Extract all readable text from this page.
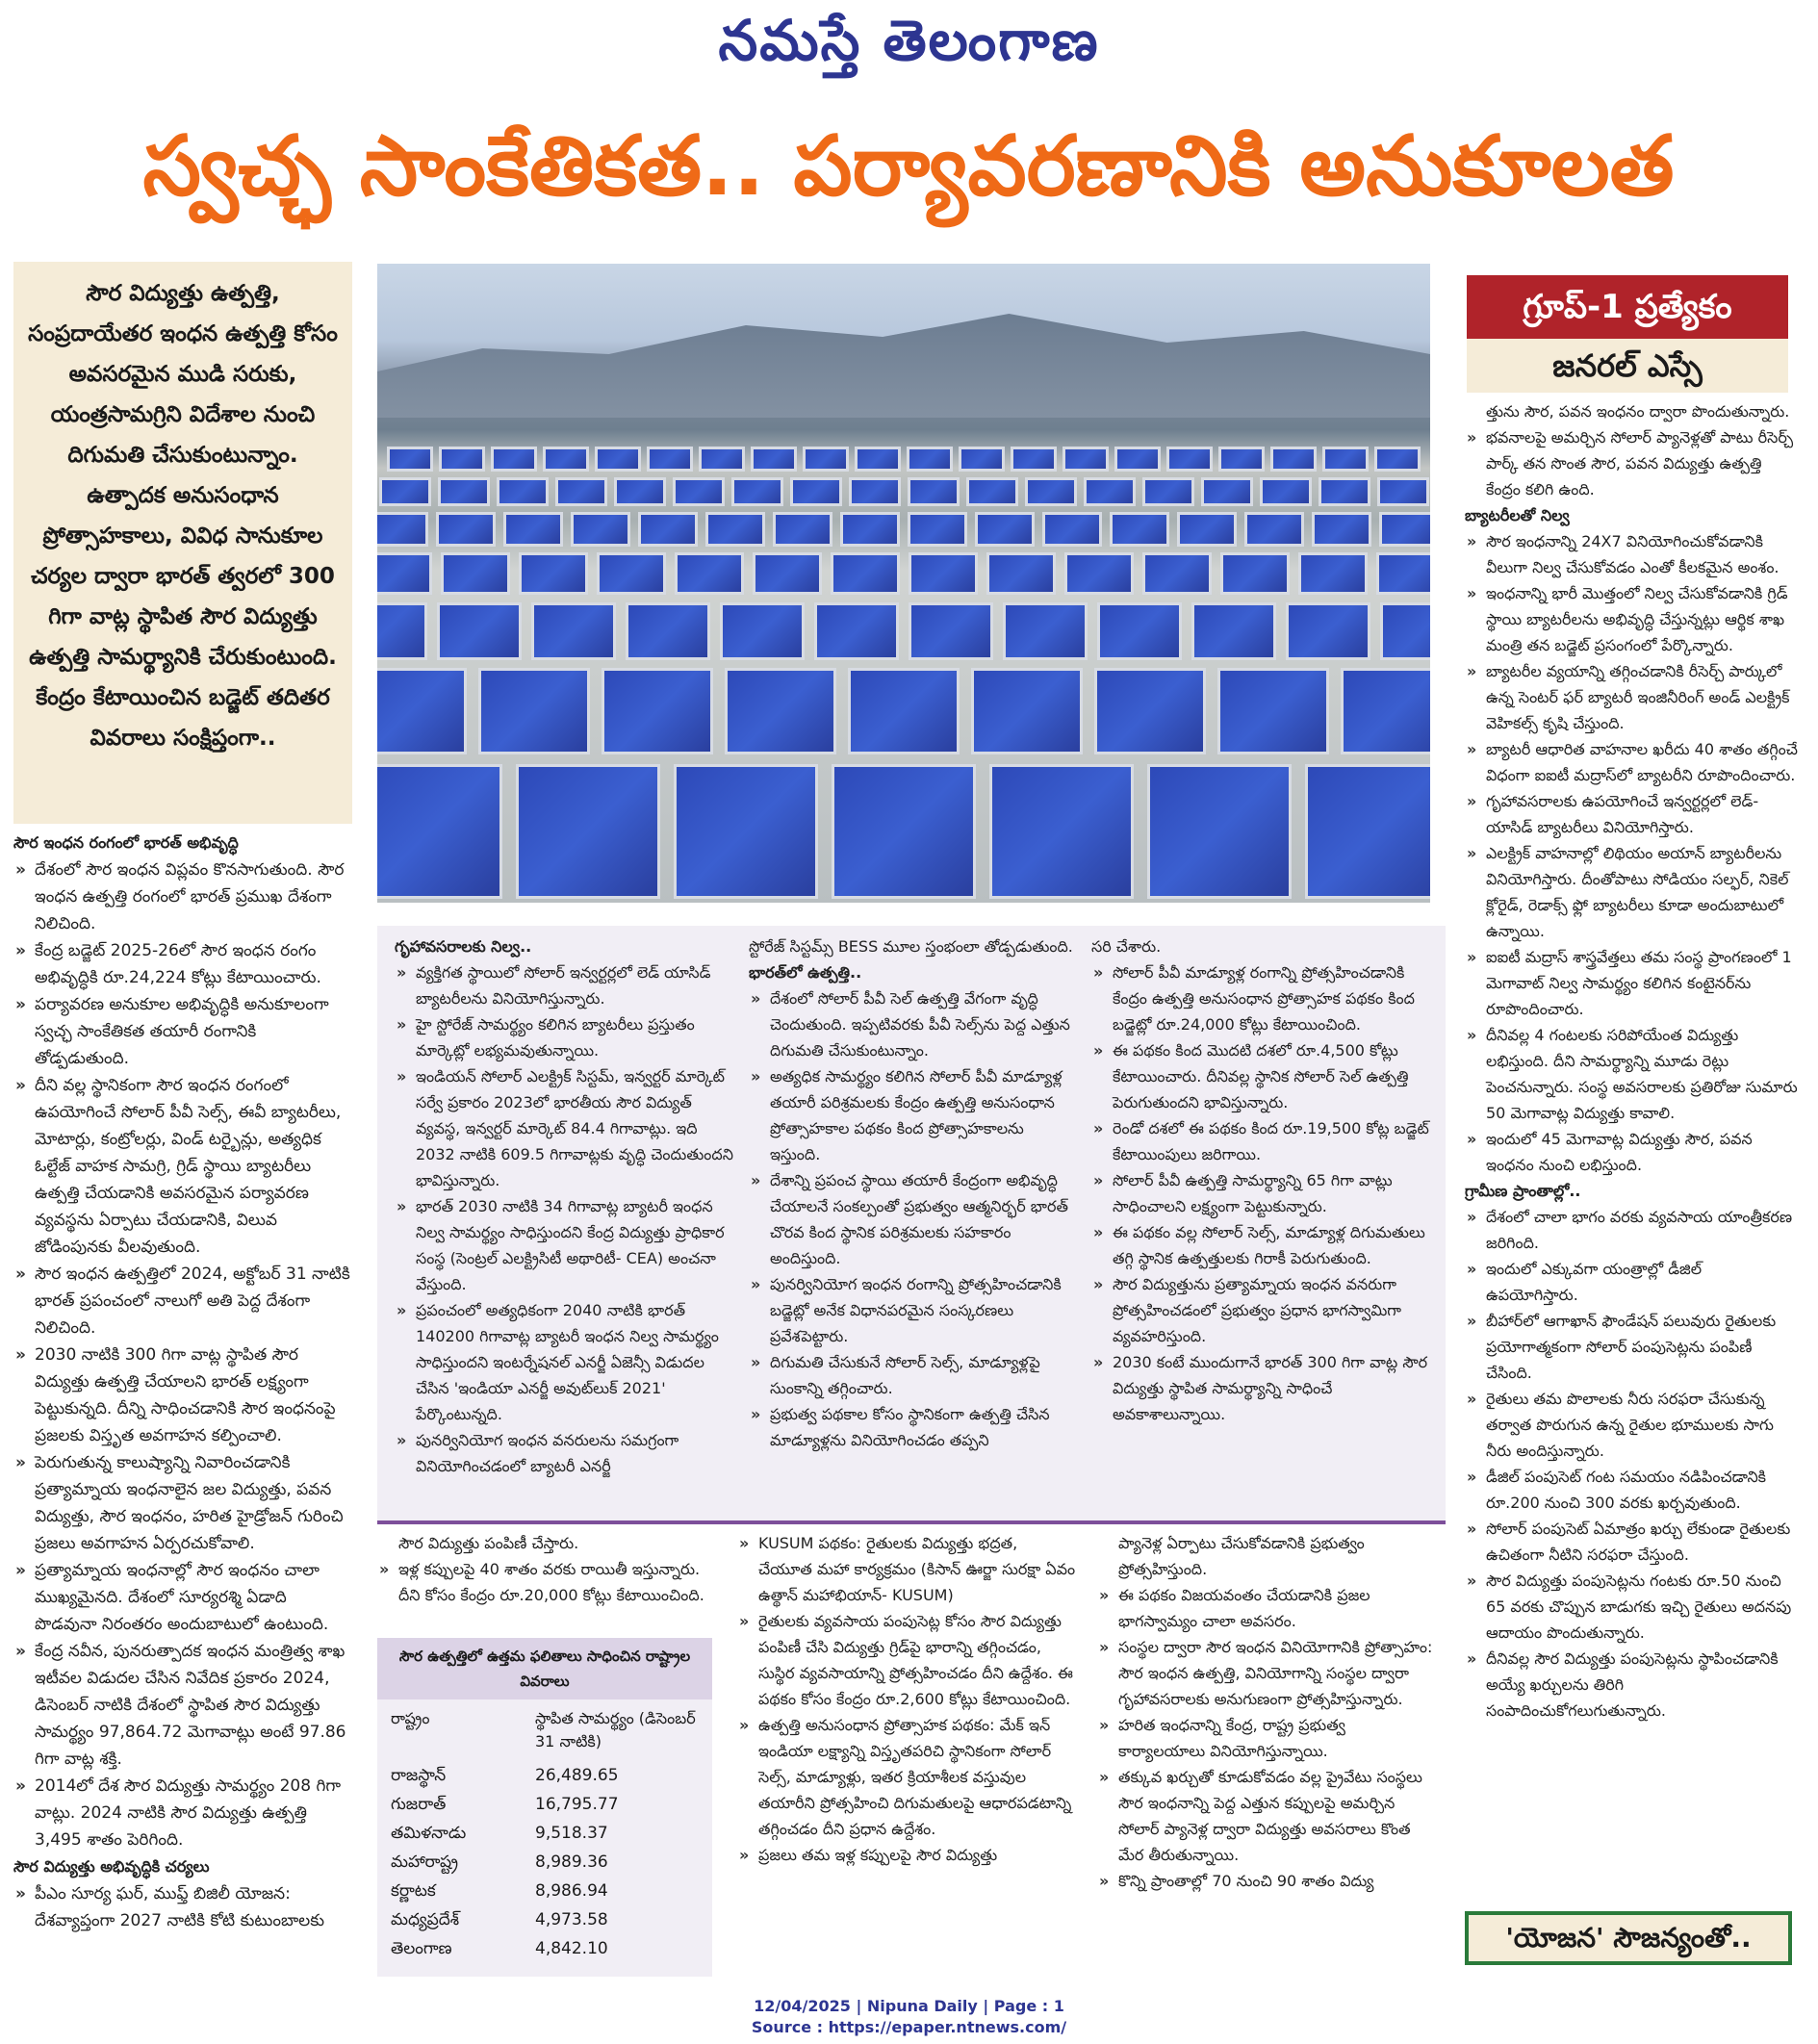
నమస్తే తెలంగాణ
స్వచ్ఛ సాంకేతికత.. పర్యావరణానికి అనుకూలత
సౌర విద్యుత్తు ఉత్పత్తి, సంప్రదాయేతర ఇంధన ఉత్పత్తి కోసం అవసరమైన ముడి సరుకు, యంత్రసామగ్రిని విదేశాల నుంచి దిగుమతి చేసుకుంటున్నాం. ఉత్పాదక అనుసంధాన ప్రోత్సాహకాలు, వివిధ సానుకూల చర్యల ద్వారా భారత్ త్వరలో 300 గిగా వాట్ల స్థాపిత సౌర విద్యుత్తు ఉత్పత్తి సామర్థ్యానికి చేరుకుంటుంది. కేంద్రం కేటాయించిన బడ్జెట్ తదితర వివరాలు సంక్షిప్తంగా..
గ్రూప్-1 ప్రత్యేకం
జనరల్ ఎస్సే

సౌర ఇంధన రంగంలో భారత్ అభివృద్ధి

» దేశంలో సౌర ఇంధన విప్లవం కొనసాగుతుంది. సౌర ఇంధన ఉత్పత్తి రంగంలో భారత్ ప్రముఖ దేశంగా నిలిచింది.

» కేంద్ర బడ్జెట్ 2025-26లో సౌర ఇంధన రంగం అభివృద్ధికి రూ.24,224 కోట్లు కేటాయించారు.

» పర్యావరణ అనుకూల అభివృద్ధికి అనుకూలంగా స్వచ్ఛ సాంకేతికత తయారీ రంగానికి తోడ్పడుతుంది.

» దీని వల్ల స్థానికంగా సౌర ఇంధన రంగంలో ఉపయోగించే సోలార్ పీవీ సెల్స్, ఈవీ బ్యాటరీలు, మోటార్లు, కంట్రోలర్లు, విండ్ టర్బైన్లు, అత్యధిక ఓల్టేజ్ వాహక సామగ్రి, గ్రిడ్ స్థాయి బ్యాటరీలు ఉత్పత్తి చేయడానికి అవసరమైన పర్యావరణ వ్యవస్థను ఏర్పాటు చేయడానికి, విలువ జోడింపునకు వీలవుతుంది.

» సౌర ఇంధన ఉత్పత్తిలో 2024, అక్టోబర్ 31 నాటికి భారత్ ప్రపంచంలో నాలుగో అతి పెద్ద దేశంగా నిలిచింది.

» 2030 నాటికి 300 గిగా వాట్ల స్థాపిత సౌర విద్యుత్తు ఉత్పత్తి చేయాలని భారత్ లక్ష్యంగా పెట్టుకున్నది. దీన్ని సాధించడానికి సౌర ఇంధనంపై ప్రజలకు విస్తృత అవగాహన కల్పించాలి.

» పెరుగుతున్న కాలుష్యాన్ని నివారించడానికి ప్రత్యామ్నాయ ఇంధనాలైన జల విద్యుత్తు, పవన విద్యుత్తు, సౌర ఇంధనం, హరిత హైడ్రోజన్ గురించి ప్రజలు అవగాహన ఏర్పరచుకోవాలి.

» ప్రత్యామ్నాయ ఇంధనాల్లో సౌర ఇంధనం చాలా ముఖ్యమైనది. దేశంలో సూర్యరశ్మి ఏడాది పొడవునా నిరంతరం అందుబాటులో ఉంటుంది.

» కేంద్ర నవీన, పునరుత్పాదక ఇంధన మంత్రిత్వ శాఖ ఇటీవల విడుదల చేసిన నివేదిక ప్రకారం 2024, డిసెంబర్ నాటికి దేశంలో స్థాపిత సౌర విద్యుత్తు సామర్థ్యం 97,864.72 మెగావాట్లు అంటే 97.86 గిగా వాట్ల శక్తి.

» 2014లో దేశ సౌర విద్యుత్తు సామర్థ్యం 208 గిగా వాట్లు. 2024 నాటికి సౌర విద్యుత్తు ఉత్పత్తి 3,495 శాతం పెరిగింది.

సౌర విద్యుత్తు అభివృద్ధికి చర్యలు

» పీఎం సూర్య ఘర్, ముఫ్త్ బిజిలీ యోజన: దేశవ్యాప్తంగా 2027 నాటికి కోటి కుటుంబాలకు

గృహావసరాలకు నిల్వ..

» వ్యక్తిగత స్థాయిలో సోలార్ ఇన్వర్టర్లలో లెడ్ యాసిడ్ బ్యాటరీలను వినియోగిస్తున్నారు.

» హై స్టోరేజ్ సామర్థ్యం కలిగిన బ్యాటరీలు ప్రస్తుతం మార్కెట్లో లభ్యమవుతున్నాయి.

» ఇండియన్ సోలార్ ఎలక్ట్రిక్ సిస్టమ్, ఇన్వర్టర్ మార్కెట్ సర్వే ప్రకారం 2023లో భారతీయ సౌర విద్యుత్ వ్యవస్థ, ఇన్వర్టర్ మార్కెట్ 84.4 గిగావాట్లు. ఇది 2032 నాటికి 609.5 గిగావాట్లకు వృద్ధి చెందుతుందని భావిస్తున్నారు.

» భారత్ 2030 నాటికి 34 గిగావాట్ల బ్యాటరీ ఇంధన నిల్వ సామర్థ్యం సాధిస్తుందని కేంద్ర విద్యుత్తు ప్రాధికార సంస్థ (సెంట్రల్ ఎలక్ట్రిసిటీ అథారిటీ- CEA) అంచనా వేస్తుంది.

» ప్రపంచంలో అత్యధికంగా 2040 నాటికి భారత్ 140200 గిగావాట్ల బ్యాటరీ ఇంధన నిల్వ సామర్థ్యం సాధిస్తుందని ఇంటర్నేషనల్ ఎనర్జీ ఏజెన్సీ విడుదల చేసిన 'ఇండియా ఎనర్జీ అవుట్‌లుక్ 2021' పేర్కొంటున్నది.

» పునర్వినియోగ ఇంధన వనరులను సమగ్రంగా వినియోగించడంలో బ్యాటరీ ఎనర్జీ

స్టోరేజ్ సిస్టమ్స్ BESS మూల స్తంభంలా తోడ్పడుతుంది.

భారత్‌లో ఉత్పత్తి..

» దేశంలో సోలార్ పీవీ సెల్ ఉత్పత్తి వేగంగా వృద్ధి చెందుతుంది. ఇప్పటివరకు పీవీ సెల్స్‌ను పెద్ద ఎత్తున దిగుమతి చేసుకుంటున్నాం.

» అత్యధిక సామర్థ్యం కలిగిన సోలార్ పీవీ మాడ్యూళ్ల తయారీ పరిశ్రమలకు కేంద్రం ఉత్పత్తి అనుసంధాన ప్రోత్సాహకాల పథకం కింద ప్రోత్సాహకాలను ఇస్తుంది.

» దేశాన్ని ప్రపంచ స్థాయి తయారీ కేంద్రంగా అభివృద్ధి చేయాలనే సంకల్పంతో ప్రభుత్వం ఆత్మనిర్భర్ భారత్ చొరవ కింద స్థానిక పరిశ్రమలకు సహకారం అందిస్తుంది.

» పునర్వినియోగ ఇంధన రంగాన్ని ప్రోత్సహించడానికి బడ్జెట్లో అనేక విధానపరమైన సంస్కరణలు ప్రవేశపెట్టారు.

» దిగుమతి చేసుకునే సోలార్ సెల్స్, మాడ్యూళ్లపై సుంకాన్ని తగ్గించారు.

» ప్రభుత్వ పథకాల కోసం స్థానికంగా ఉత్పత్తి చేసిన మాడ్యూళ్లను వినియోగించడం తప్పని

సరి చేశారు.

» సోలార్ పీవీ మాడ్యూళ్ల రంగాన్ని ప్రోత్సహించడానికి కేంద్రం ఉత్పత్తి అనుసంధాన ప్రోత్సాహక పథకం కింద బడ్జెట్లో రూ.24,000 కోట్లు కేటాయించింది.

» ఈ పథకం కింద మొదటి దశలో రూ.4,500 కోట్లు కేటాయించారు. దీనివల్ల స్థానిక సోలార్ సెల్ ఉత్పత్తి పెరుగుతుందని భావిస్తున్నారు.

» రెండో దశలో ఈ పథకం కింద రూ.19,500 కోట్ల బడ్జెట్ కేటాయింపులు జరిగాయి.

» సోలార్ పీవీ ఉత్పత్తి సామర్థ్యాన్ని 65 గిగా వాట్లు సాధించాలని లక్ష్యంగా పెట్టుకున్నారు.

» ఈ పథకం వల్ల సోలార్ సెల్స్, మాడ్యూళ్ల దిగుమతులు తగ్గి స్థానిక ఉత్పత్తులకు గిరాకీ పెరుగుతుంది.

» సౌర విద్యుత్తును ప్రత్యామ్నాయ ఇంధన వనరుగా ప్రోత్సహించడంలో ప్రభుత్వం ప్రధాన భాగస్వామిగా వ్యవహరిస్తుంది.

» 2030 కంటే ముందుగానే భారత్ 300 గిగా వాట్ల సౌర విద్యుత్తు స్థాపిత సామర్థ్యాన్ని సాధించే అవకాశాలున్నాయి.

త్తును సౌర, పవన ఇంధనం ద్వారా పొందుతున్నారు.

» భవనాలపై అమర్చిన సోలార్ ప్యానెళ్లతో పాటు రీసెర్చ్ పార్క్ తన సొంత సౌర, పవన విద్యుత్తు ఉత్పత్తి కేంద్రం కలిగి ఉంది.

బ్యాటరీలతో నిల్వ

» సౌర ఇంధనాన్ని 24X7 వినియోగించుకోవడానికి వీలుగా నిల్వ చేసుకోవడం ఎంతో కీలకమైన అంశం.

» ఇంధనాన్ని భారీ మొత్తంలో నిల్వ చేసుకోవడానికి గ్రిడ్ స్థాయి బ్యాటరీలను అభివృద్ధి చేస్తున్నట్లు ఆర్థిక శాఖ మంత్రి తన బడ్జెట్ ప్రసంగంలో పేర్కొన్నారు.

» బ్యాటరీల వ్యయాన్ని తగ్గించడానికి రీసెర్చ్ పార్కులో ఉన్న సెంటర్ ఫర్ బ్యాటరీ ఇంజినీరింగ్ అండ్ ఎలక్ట్రిక్ వెహికల్స్ కృషి చేస్తుంది.

» బ్యాటరీ ఆధారిత వాహనాల ఖరీదు 40 శాతం తగ్గించే విధంగా ఐఐటీ మద్రాస్‌లో బ్యాటరీని రూపొందించారు.

» గృహావసరాలకు ఉపయోగించే ఇన్వర్టర్లలో లెడ్-యాసిడ్ బ్యాటరీలు వినియోగిస్తారు.

» ఎలక్ట్రిక్ వాహనాల్లో లిథియం అయాన్ బ్యాటరీలను వినియోగిస్తారు. దీంతోపాటు సోడియం సల్ఫర్, నికెల్ క్లోరైడ్, రెడాక్స్ ఫ్లో బ్యాటరీలు కూడా అందుబాటులో ఉన్నాయి.

» ఐఐటీ మద్రాస్ శాస్త్రవేత్తలు తమ సంస్థ ప్రాంగణంలో 1 మెగావాట్ నిల్వ సామర్థ్యం కలిగిన కంటైనర్‌ను రూపొందించారు.

» దీనివల్ల 4 గంటలకు సరిపోయేంత విద్యుత్తు లభిస్తుంది. దీని సామర్థ్యాన్ని మూడు రెట్లు పెంచనున్నారు. సంస్థ అవసరాలకు ప్రతిరోజు సుమారు 50 మెగావాట్ల విద్యుత్తు కావాలి.

» ఇందులో 45 మెగావాట్ల విద్యుత్తు సౌర, పవన ఇంధనం నుంచి లభిస్తుంది.

గ్రామీణ ప్రాంతాల్లో..

» దేశంలో చాలా భాగం వరకు వ్యవసాయ యాంత్రీకరణ జరిగింది.

» ఇందులో ఎక్కువగా యంత్రాల్లో డీజిల్ ఉపయోగిస్తారు.

» బీహార్‌లో ఆగాఖాన్ ఫౌండేషన్ పలువురు రైతులకు ప్రయోగాత్మకంగా సోలార్ పంపుసెట్లను పంపిణీ చేసింది.

» రైతులు తమ పొలాలకు నీరు సరఫరా చేసుకున్న తర్వాత పొరుగున ఉన్న రైతుల భూములకు సాగు నీరు అందిస్తున్నారు.

» డీజిల్ పంపుసెట్ గంట సమయం నడిపించడానికి రూ.200 నుంచి 300 వరకు ఖర్చవుతుంది.

» సోలార్ పంపుసెట్ ఏమాత్రం ఖర్చు లేకుండా రైతులకు ఉచితంగా నీటిని సరఫరా చేస్తుంది.

» సౌర విద్యుత్తు పంపుసెట్లను గంటకు రూ.50 నుంచి 65 వరకు చొప్పున బాడుగకు ఇచ్చి రైతులు అదనపు ఆదాయం పొందుతున్నారు.

» దీనివల్ల సౌర విద్యుత్తు పంపుసెట్లను స్థాపించడానికి అయ్యే ఖర్చులను తిరిగి సంపాదించుకోగలుగుతున్నారు.

సౌర విద్యుత్తు పంపిణీ చేస్తారు.

» ఇళ్ల కప్పులపై 40 శాతం వరకు రాయితీ ఇస్తున్నారు. దీని కోసం కేంద్రం రూ.20,000 కోట్లు కేటాయించింది.

సౌర ఉత్పత్తిలో ఉత్తమ ఫలితాలు సాధించిన రాష్ట్రాల వివరాలు
రాష్ట్రం	స్థాపిత సామర్థ్యం (డిసెంబర్ 31 నాటికి)
రాజస్థాన్	26,489.65
గుజరాత్	16,795.77
తమిళనాడు	9,518.37
మహారాష్ట్ర	8,989.36
కర్ణాటక	8,986.94
మధ్యప్రదేశ్	4,973.58
తెలంగాణ	4,842.10

» KUSUM పథకం: రైతులకు విద్యుత్తు భద్రత, చేయూత మహా కార్యక్రమం (కిసాన్ ఊర్జా సురక్షా ఏవం ఉత్థాన్ మహాభియాన్- KUSUM)

» రైతులకు వ్యవసాయ పంపుసెట్ల కోసం సౌర విద్యుత్తు పంపిణీ చేసి విద్యుత్తు గ్రిడ్‌పై భారాన్ని తగ్గించడం, సుస్థిర వ్యవసాయాన్ని ప్రోత్సహించడం దీని ఉద్దేశం. ఈ పథకం కోసం కేంద్రం రూ.2,600 కోట్లు కేటాయించింది.

» ఉత్పత్తి అనుసంధాన ప్రోత్సాహక పథకం: మేక్ ఇన్ ఇండియా లక్ష్యాన్ని విస్తృతపరిచి స్థానికంగా సోలార్ సెల్స్, మాడ్యూళ్లు, ఇతర క్రియాశీలక వస్తువుల తయారీని ప్రోత్సహించి దిగుమతులపై ఆధారపడటాన్ని తగ్గించడం దీని ప్రధాన ఉద్దేశం.

» ప్రజలు తమ ఇళ్ల కప్పులపై సౌర విద్యుత్తు

ప్యానెళ్ల ఏర్పాటు చేసుకోవడానికి ప్రభుత్వం ప్రోత్సహిస్తుంది.

» ఈ పథకం విజయవంతం చేయడానికి ప్రజల భాగస్వామ్యం చాలా అవసరం.

» సంస్థల ద్వారా సౌర ఇంధన వినియోగానికి ప్రోత్సాహం: సౌర ఇంధన ఉత్పత్తి, వినియోగాన్ని సంస్థల ద్వారా గృహావసరాలకు అనుగుణంగా ప్రోత్సహిస్తున్నారు.

» హరిత ఇంధనాన్ని కేంద్ర, రాష్ట్ర ప్రభుత్వ కార్యాలయాలు వినియోగిస్తున్నాయి.

» తక్కువ ఖర్చుతో కూడుకోవడం వల్ల ప్రైవేటు సంస్థలు సౌర ఇంధనాన్ని పెద్ద ఎత్తున కప్పులపై అమర్చిన సోలార్ ప్యానెళ్ల ద్వారా విద్యుత్తు అవసరాలు కొంత మేర తీరుతున్నాయి.

» కొన్ని ప్రాంతాల్లో 70 నుంచి 90 శాతం విద్యు

'యోజన' సౌజన్యంతో..
12/04/2025 | Nipuna Daily | Page : 1
Source : https://epaper.ntnews.com/
